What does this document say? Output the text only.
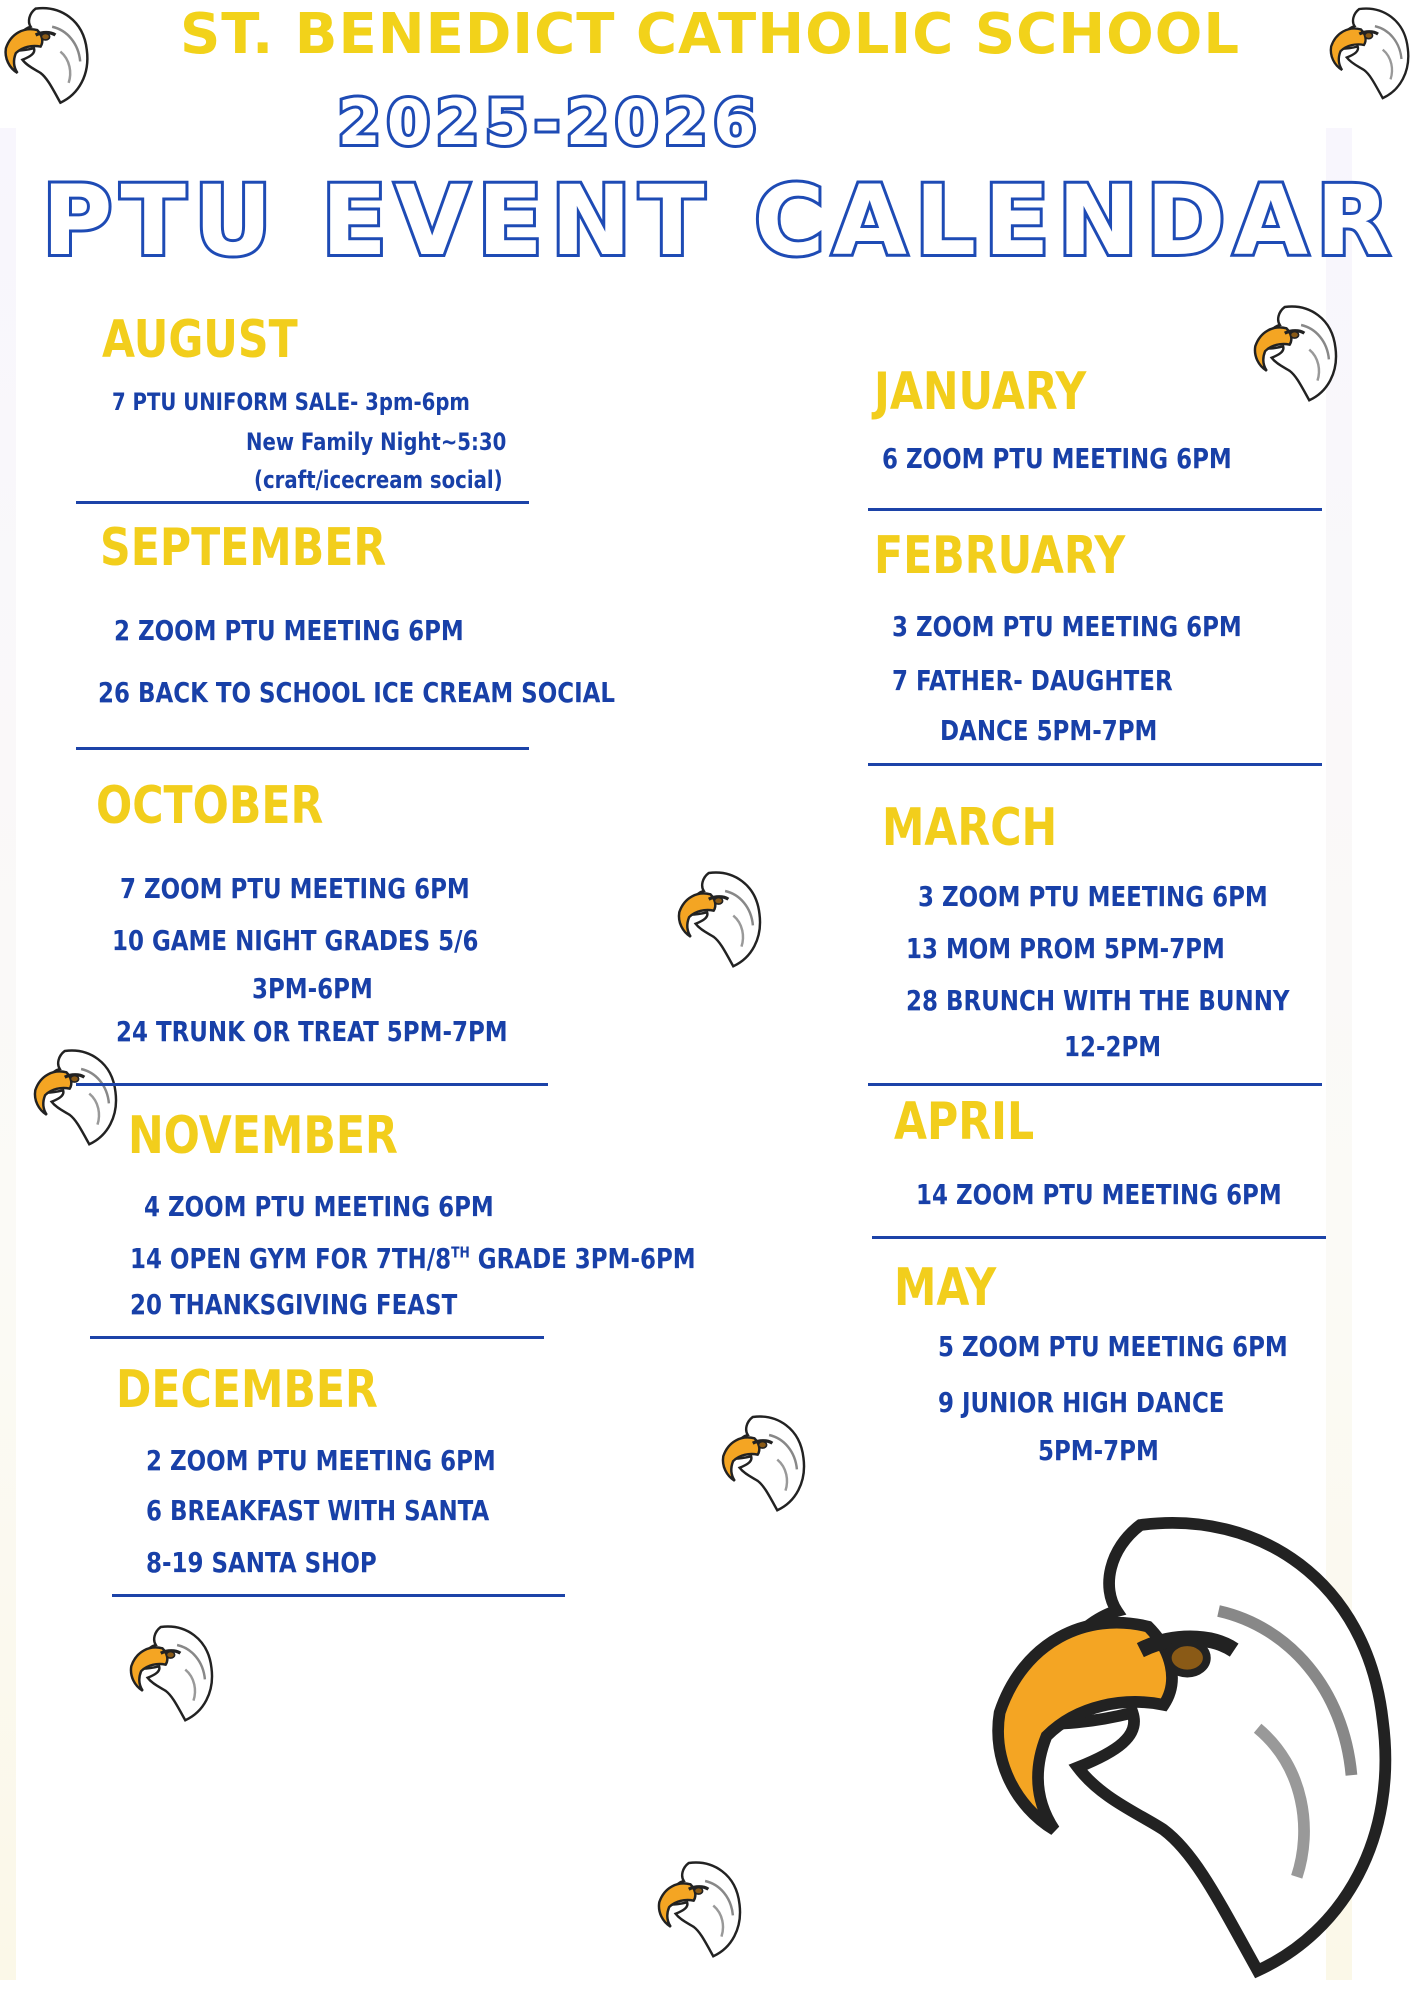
ST. BENEDICT CATHOLIC SCHOOL
2025-2026
PTU EVENT CALENDAR
AUGUST
7 PTU UNIFORM SALE- 3pm-6pm
New Family Night~5:30
(craft/icecream social)
SEPTEMBER
2 ZOOM PTU MEETING 6PM
26 BACK TO SCHOOL ICE CREAM SOCIAL
OCTOBER
7 ZOOM PTU MEETING 6PM
10 GAME NIGHT GRADES 5/6
3PM-6PM
24 TRUNK OR TREAT 5PM-7PM
NOVEMBER
4 ZOOM PTU MEETING 6PM
14 OPEN GYM FOR 7TH/8TH GRADE 3PM-6PM
20 THANKSGIVING FEAST
DECEMBER
2 ZOOM PTU MEETING 6PM
6 BREAKFAST WITH SANTA
8-19 SANTA SHOP
JANUARY
6 ZOOM PTU MEETING 6PM
FEBRUARY
3 ZOOM PTU MEETING 6PM
7 FATHER- DAUGHTER
DANCE 5PM-7PM
MARCH
3 ZOOM PTU MEETING 6PM
13 MOM PROM 5PM-7PM
28 BRUNCH WITH THE BUNNY
12-2PM
APRIL
14 ZOOM PTU MEETING 6PM
MAY
5 ZOOM PTU MEETING 6PM
9 JUNIOR HIGH DANCE
5PM-7PM
